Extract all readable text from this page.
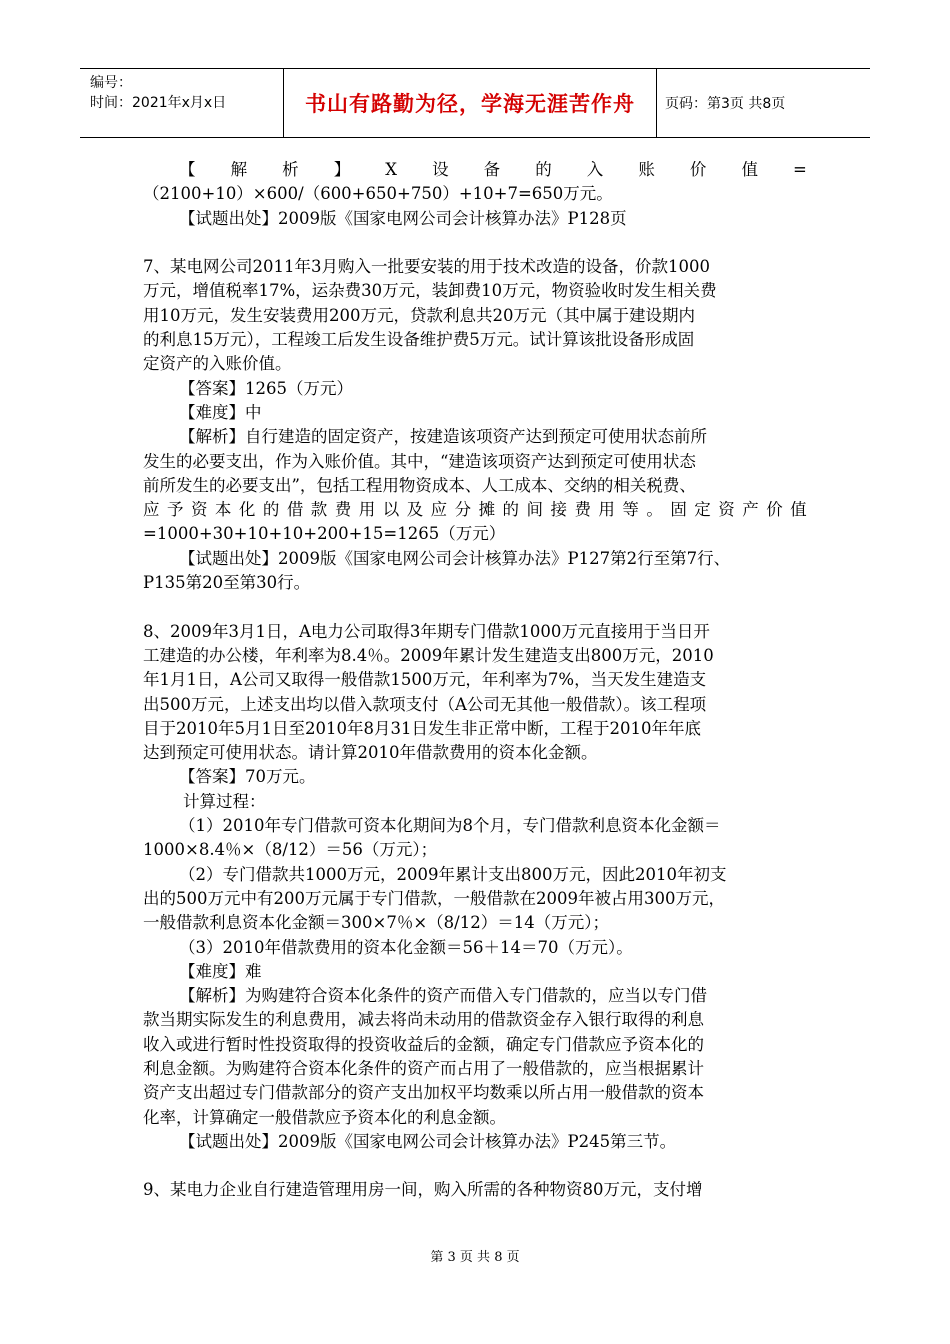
编号：
时间：2021年x月x日	书山有路勤为径，学海无涯苦作舟	页码：第3页 共8页

【 解 析 】 X 设 备 的 入 账 价 值 =

（2100+10）×600/（600+650+750）+10+7=650万元。

【试题出处】2009版《国家电网公司会计核算办法》P128页

7、某电网公司2011年3月购入一批要安装的用于技术改造的设备，价款1000

万元，增值税率17%，运杂费30万元，装卸费10万元，物资验收时发生相关费

用10万元，发生安装费用200万元，贷款利息共20万元（其中属于建设期内

的利息15万元），工程竣工后发生设备维护费5万元。试计算该批设备形成固

定资产的入账价值。

【答案】1265（万元）

【难度】中

【解析】自行建造的固定资产，按建造该项资产达到预定可使用状态前所

发生的必要支出，作为入账价值。其中，“建造该项资产达到预定可使用状态

前所发生的必要支出”，包括工程用物资成本、人工成本、交纳的相关税费、

应 予 资 本 化 的 借 款 费 用 以 及 应 分 摊 的 间 接 费 用 等 。 固 定 资 产 价 值

=1000+30+10+10+200+15=1265（万元）

【试题出处】2009版《国家电网公司会计核算办法》P127第2行至第7行、

P135第20至第30行。

8、2009年3月1日，A电力公司取得3年期专门借款1000万元直接用于当日开

工建造的办公楼，年利率为8.4％。2009年累计发生建造支出800万元，2010

年1月1日，A公司又取得一般借款1500万元，年利率为7%，当天发生建造支

出500万元，上述支出均以借入款项支付（A公司无其他一般借款）。该工程项

目于2010年5月1日至2010年8月31日发生非正常中断，工程于2010年年底

达到预定可使用状态。请计算2010年借款费用的资本化金额。

【答案】70万元。

计算过程：

（1）2010年专门借款可资本化期间为8个月，专门借款利息资本化金额＝

1000×8.4％×（8/12）＝56（万元）；

（2）专门借款共1000万元，2009年累计支出800万元，因此2010年初支

出的500万元中有200万元属于专门借款，一般借款在2009年被占用300万元，

一般借款利息资本化金额＝300×7％×（8/12）＝14（万元）；

（3）2010年借款费用的资本化金额＝56＋14＝70（万元）。

【难度】难

【解析】为购建符合资本化条件的资产而借入专门借款的，应当以专门借

款当期实际发生的利息费用，减去将尚未动用的借款资金存入银行取得的利息

收入或进行暂时性投资取得的投资收益后的金额，确定专门借款应予资本化的

利息金额。为购建符合资本化条件的资产而占用了一般借款的，应当根据累计

资产支出超过专门借款部分的资产支出加权平均数乘以所占用一般借款的资本

化率，计算确定一般借款应予资本化的利息金额。

【试题出处】2009版《国家电网公司会计核算办法》P245第三节。

9、某电力企业自行建造管理用房一间，购入所需的各种物资80万元，支付增

第 3 页 共 8 页
